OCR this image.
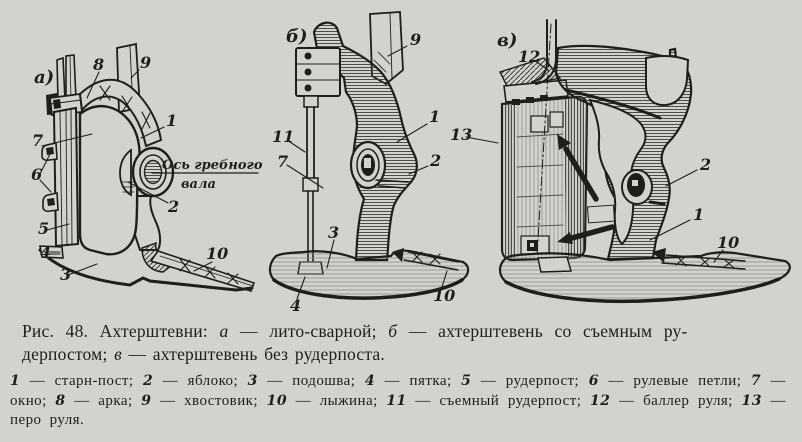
а)
8 9
7
1
6
2
5
4
3
10
Ось гребного
вала
б)	9
1
2
11
7
3
4
10
в)
12
13
2
1
10
Рис. 48. Ахтерштевни: а — лито-сварной; б — ахтерштевень со съемным ру-
дерпостом; в — ахтерштевень без рудерпоста.
1 — старн-пост; 2 — яблоко; 3 — подошва; 4 — пятка; 5 — рудерпост; 6 — рулевые петли; 7 — окно; 8 — арка; 9 — хвостовик; 10 — лыжина; 11 — съемный рудерпост; 12 — баллер руля; 13 — перо руля.
